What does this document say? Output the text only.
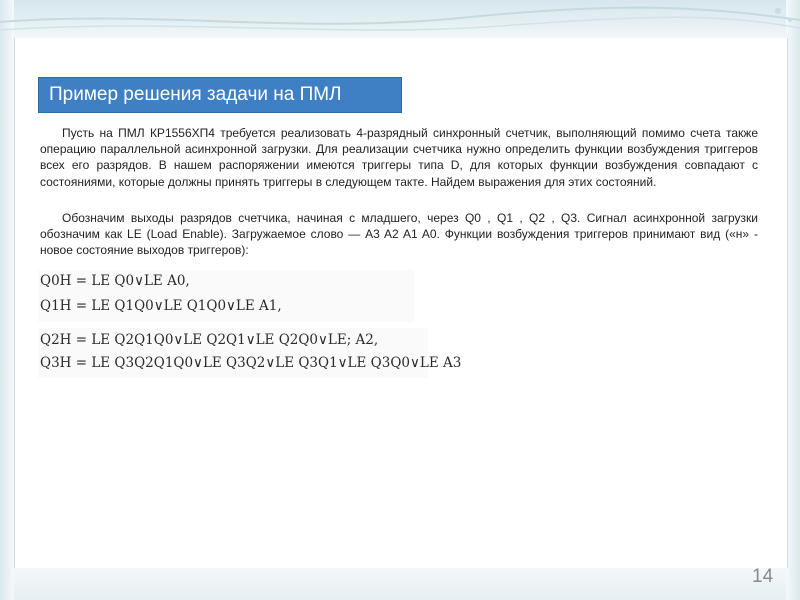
Пример решения задачи на ПМЛ

Пусть на ПМЛ КР1556ХП4 требуется реализовать 4-разрядный синхронный счетчик, выполняющий помимо счета также операцию параллельной асинхронной загрузки. Для реализации счетчика нужно определить функции возбуждения триггеров всех его разрядов. В нашем распоряжении имеются триггеры типа D, для которых функции возбуждения совпадают с состояниями, которые должны принять триггеры в следующем такте. Найдем выражения для этих состояний.

Обозначим выходы разрядов счетчика, начиная с младшего, через Q0 , Q1 , Q2 , Q3. Сигнал асинхронной загрузки обозначим как LE (Load Enable). Загружаемое слово — A3 A2 A1 A0. Функции возбуждения триггеров принимают вид («н» - новое состояние выходов триггеров):

Q0H = LE Q0∨LE A0,
Q1H = LE Q1Q0∨LE Q1Q0∨LE A1,
Q2H = LE Q2Q1Q0∨LE Q2Q1∨LE Q2Q0∨LE; A2,
Q3H = LE Q3Q2Q1Q0∨LE Q3Q2∨LE Q3Q1∨LE Q3Q0∨LE A3
14
